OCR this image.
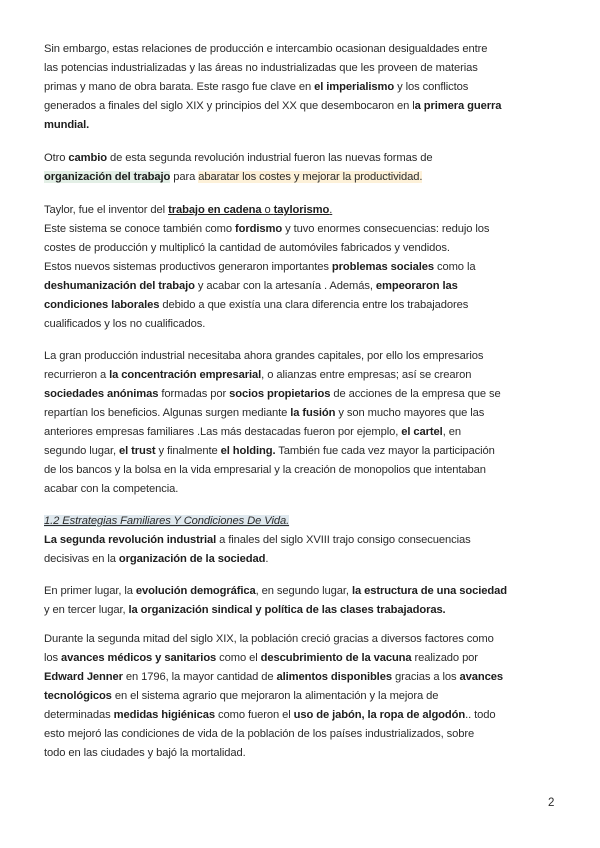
Sin embargo, estas relaciones de producción e intercambio ocasionan desigualdades entre
las potencias industrializadas y las áreas no industrializadas que les proveen de materias
primas y mano de obra barata. Este rasgo fue clave en el imperialismo y los conflictos
generados a finales del siglo XIX y principios del XX que desembocaron en la primera guerra
mundial.
Otro cambio de esta segunda revolución industrial fueron las nuevas formas de
organización del trabajo para abaratar los costes y mejorar la productividad.
Taylor, fue el inventor del trabajo en cadena o taylorismo.
Este sistema se conoce también como fordismo y tuvo enormes consecuencias: redujo los
costes de producción y multiplicó la cantidad de automóviles fabricados y vendidos.
Estos nuevos sistemas productivos generaron importantes problemas sociales como la
deshumanización del trabajo y acabar con la artesanía . Además, empeoraron las
condiciones laborales debido a que existía una clara diferencia entre los trabajadores
cualificados y los no cualificados.
La gran producción industrial necesitaba ahora grandes capitales, por ello los empresarios
recurrieron a la concentración empresarial, o alianzas entre empresas; así se crearon
sociedades anónimas formadas por socios propietarios de acciones de la empresa que se
repartían los beneficios. Algunas surgen mediante la fusión y son mucho mayores que las
anteriores empresas familiares .Las más destacadas fueron por ejemplo, el cartel, en
segundo lugar, el trust y finalmente el holding. También fue cada vez mayor la participación
de los bancos y la bolsa en la vida empresarial y la creación de monopolios que intentaban
acabar con la competencia.
1.2 Estrategias Familiares Y Condiciones De Vida.
La segunda revolución industrial a finales del siglo XVIII trajo consigo consecuencias
decisivas en la organización de la sociedad.
En primer lugar, la evolución demográfica, en segundo lugar, la estructura de una sociedad
y en tercer lugar, la organización sindical y política de las clases trabajadoras.
Durante la segunda mitad del siglo XIX, la población creció gracias a diversos factores como
los avances médicos y sanitarios como el descubrimiento de la vacuna realizado por
Edward Jenner en 1796, la mayor cantidad de alimentos disponibles gracias a los avances
tecnológicos en el sistema agrario que mejoraron la alimentación y la mejora de
determinadas medidas higiénicas como fueron el uso de jabón, la ropa de algodón.. todo
esto mejoró las condiciones de vida de la población de los países industrializados, sobre
todo en las ciudades y bajó la mortalidad.
2
